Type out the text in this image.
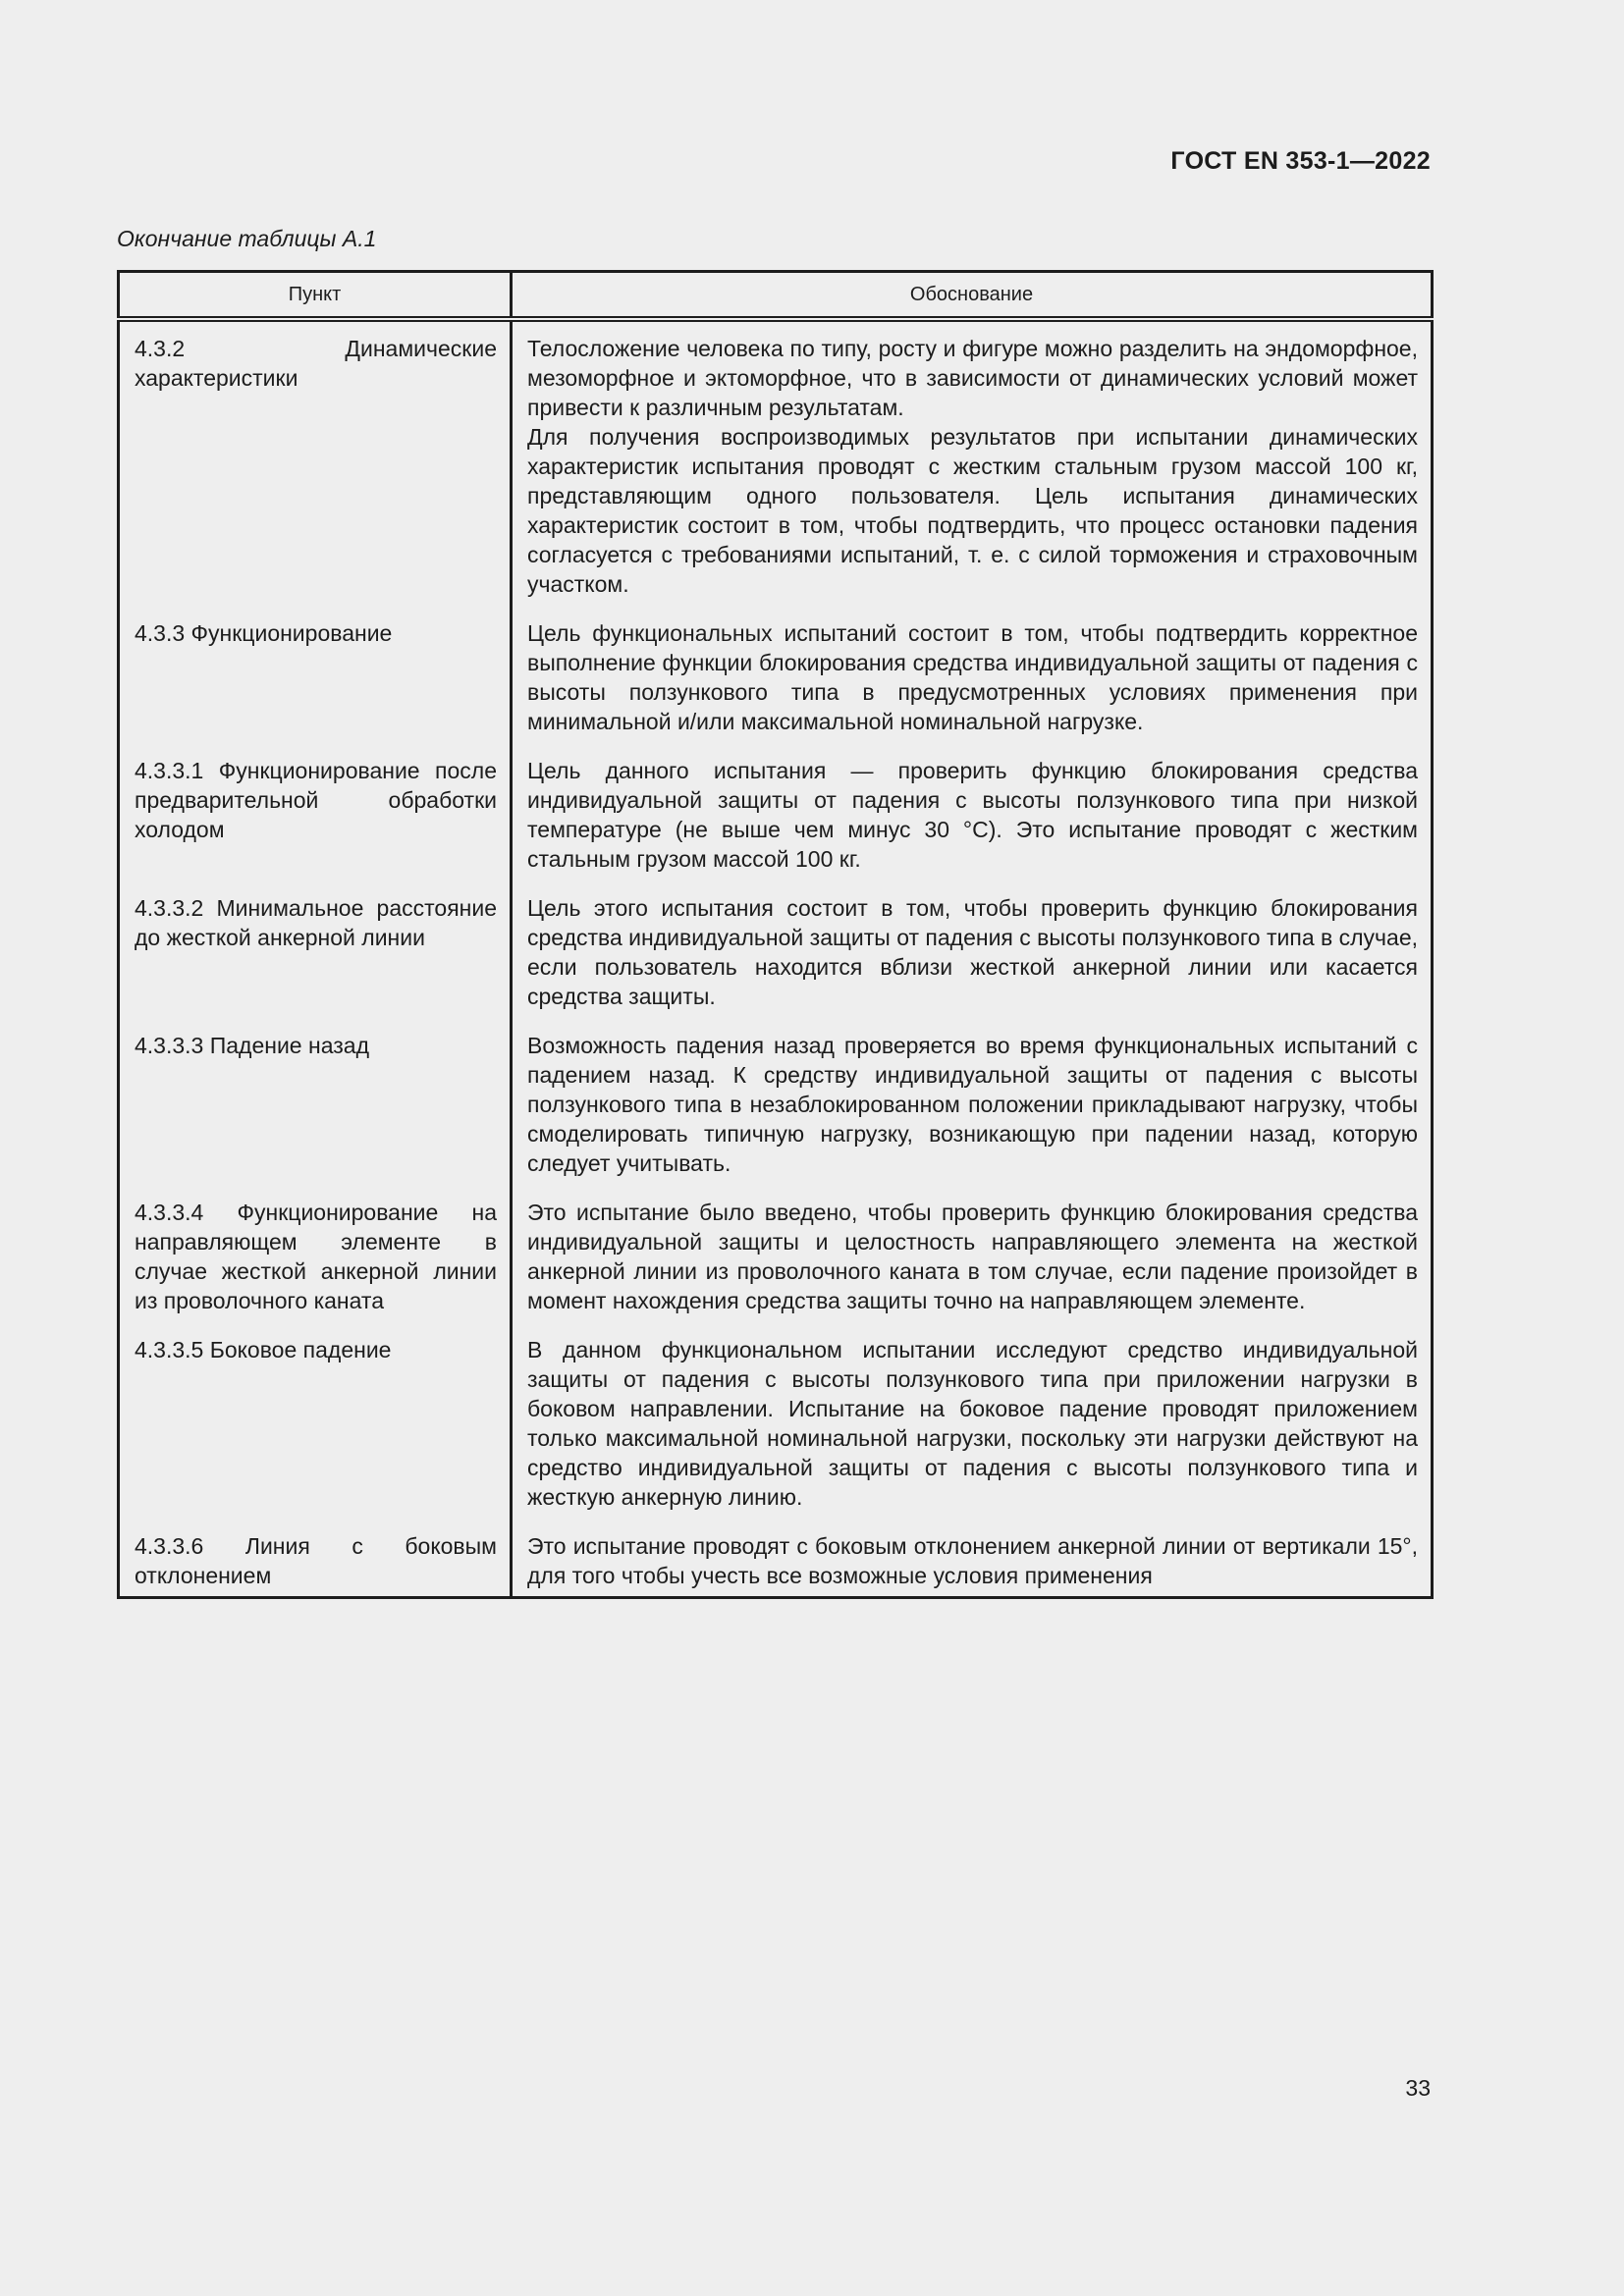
ГОСТ EN 353-1—2022
Окончание таблицы А.1
Пункт	Обоснование
4.3.2 Динамические характеристики	Телосложение человека по типу, росту и фигуре можно разделить на эндоморфное, мезоморфное и эктоморфное, что в зависимости от динамических условий может привести к различным результатам.
Для получения воспроизводимых результатов при испытании динамических характеристик испытания проводят с жестким стальным грузом массой 100 кг, представляющим одного пользователя. Цель испытания динамических характеристик состоит в том, чтобы подтвердить, что процесс остановки падения согласуется с требованиями испытаний, т. е. с силой торможения и страховочным участком.

4.3.3 Функционирование	Цель функциональных испытаний состоит в том, чтобы подтвердить корректное выполнение функции блокирования средства индивидуальной защиты от падения с высоты ползункового типа в предусмотренных условиях применения при минимальной и/или максимальной номинальной нагрузке.

4.3.3.1 Функционирование после предварительной обработки холодом	Цель данного испытания — проверить функцию блокирования средства индивидуальной защиты от падения с высоты ползункового типа при низкой температуре (не выше чем минус 30 °С). Это испытание проводят с жестким стальным грузом массой 100 кг.

4.3.3.2 Минимальное расстояние до жесткой анкерной линии	Цель этого испытания состоит в том, чтобы проверить функцию блокирования средства индивидуальной защиты от падения с высоты ползункового типа в случае, если пользователь находится вблизи жесткой анкерной линии или касается средства защиты.

4.3.3.3 Падение назад	Возможность падения назад проверяется во время функциональных испытаний с падением назад. К средству индивидуальной защиты от падения с высоты ползункового типа в незаблокированном положении прикладывают нагрузку, чтобы смоделировать типичную нагрузку, возникающую при падении назад, которую следует учитывать.

4.3.3.4 Функционирование на направляющем элементе в случае жесткой анкерной линии из проволочного каната	Это испытание было введено, чтобы проверить функцию блокирования средства индивидуальной защиты и целостность направляющего элемента на жесткой анкерной линии из проволочного каната в том случае, если падение произойдет в момент нахождения средства защиты точно на направляющем элементе.

4.3.3.5 Боковое падение	В данном функциональном испытании исследуют средство индивидуальной защиты от падения с высоты ползункового типа при приложении нагрузки в боковом направлении. Испытание на боковое падение проводят приложением только максимальной номинальной нагрузки, поскольку эти нагрузки действуют на средство индивидуальной защиты от падения с высоты ползункового типа и жесткую анкерную линию.

4.3.3.6 Линия с боковым отклонением	Это испытание проводят с боковым отклонением анкерной линии от вертикали 15°, для того чтобы учесть все возможные условия применения
33
